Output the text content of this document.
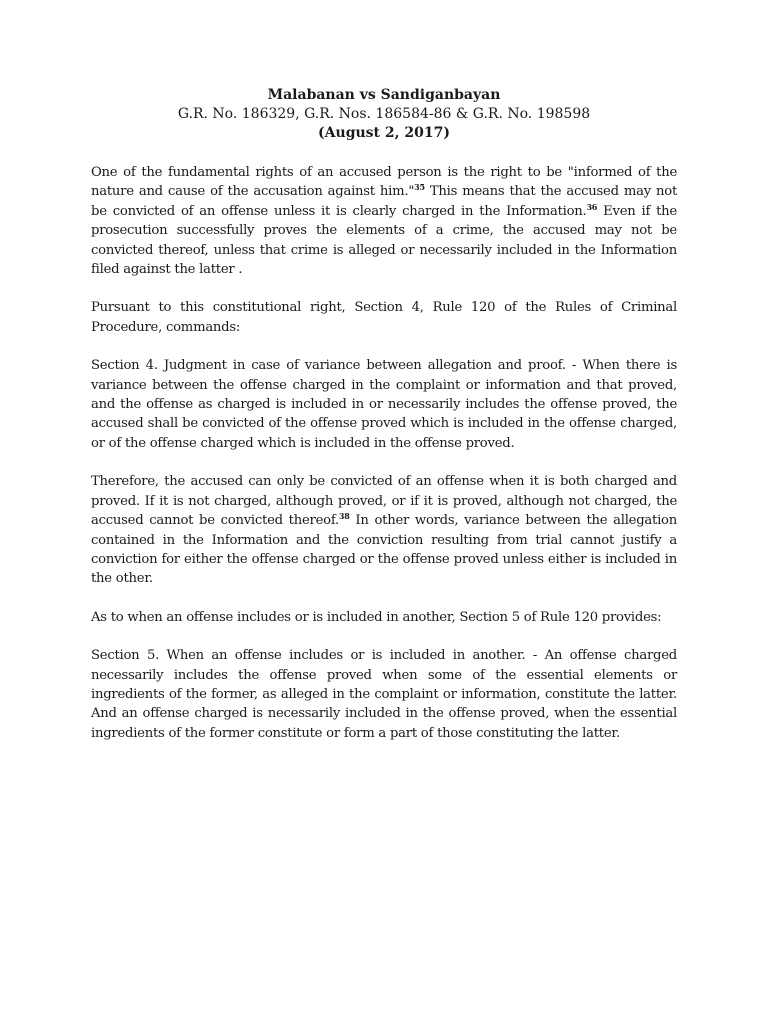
Malabanan vs Sandiganbayan
G.R. No. 186329, G.R. Nos. 186584-86 & G.R. No. 198598
(August 2, 2017)

One of the fundamental rights of an accused person is the right to be "informed of the nature and cause of the accusation against him."$^{35}$ This means that the accused may not be convicted of an offense unless it is clearly charged in the Information.$^{36}$ Even if the prosecution successfully proves the elements of a crime, the accused may not be convicted thereof, unless that crime is alleged or necessarily included in the Information filed against the latter .

Pursuant to this constitutional right, Section 4, Rule 120 of the Rules of Criminal Procedure, commands:

Section 4. Judgment in case of variance between allegation and proof. - When there is variance between the offense charged in the complaint or information and that proved, and the offense as charged is included in or necessarily includes the offense proved, the accused shall be convicted of the offense proved which is included in the offense charged, or of the offense charged which is included in the offense proved.

Therefore, the accused can only be convicted of an offense when it is both charged and proved. If it is not charged, although proved, or if it is proved, although not charged, the accused cannot be convicted thereof.$^{38}$ In other words, variance between the allegation contained in the Information and the conviction resulting from trial cannot justify a conviction for either the offense charged or the offense proved unless either is included in the other.

As to when an offense includes or is included in another, Section 5 of Rule 120 provides:

Section 5. When an offense includes or is included in another. - An offense charged necessarily includes the offense proved when some of the essential elements or ingredients of the former, as alleged in the complaint or information, constitute the latter. And an offense charged is necessarily included in the offense proved, when the essential ingredients of the former constitute or form a part of those constituting the latter.
